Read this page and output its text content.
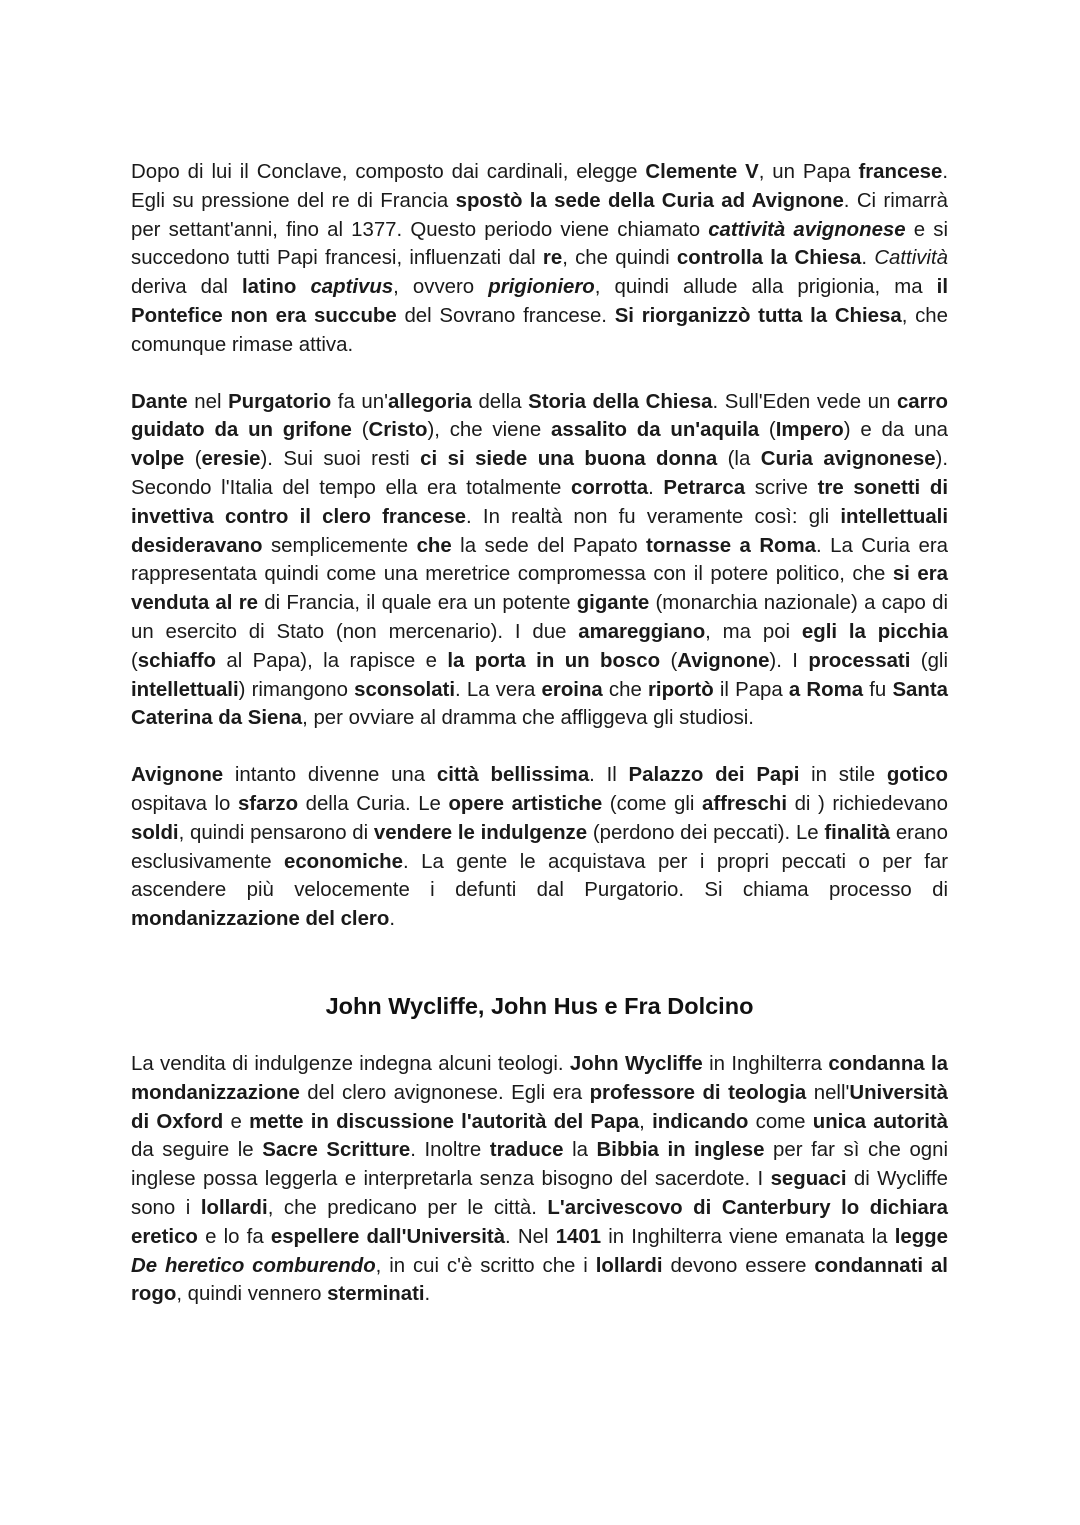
Dopo di lui il Conclave, composto dai cardinali, elegge Clemente V, un Papa francese. Egli su pressione del re di Francia spostò la sede della Curia ad Avignone. Ci rimarrà per settant'anni, fino al 1377. Questo periodo viene chiamato cattività avignonese e si succedono tutti Papi francesi, influenzati dal re, che quindi controlla la Chiesa. Cattività deriva dal latino captivus, ovvero prigioniero, quindi allude alla prigionia, ma il Pontefice non era succube del Sovrano francese. Si riorganizzò tutta la Chiesa, che comunque rimase attiva.

Dante nel Purgatorio fa un'allegoria della Storia della Chiesa. Sull'Eden vede un carro guidato da un grifone (Cristo), che viene assalito da un'aquila (Impero) e da una volpe (eresie). Sui suoi resti ci si siede una buona donna (la Curia avignonese). Secondo l'Italia del tempo ella era totalmente corrotta. Petrarca scrive tre sonetti di invettiva contro il clero francese. In realtà non fu veramente così: gli intellettuali desideravano semplicemente che la sede del Papato tornasse a Roma. La Curia era rappresentata quindi come una meretrice compromessa con il potere politico, che si era venduta al re di Francia, il quale era un potente gigante (monarchia nazionale) a capo di un esercito di Stato (non mercenario). I due amareggiano, ma poi egli la picchia (schiaffo al Papa), la rapisce e la porta in un bosco (Avignone). I processati (gli intellettuali) rimangono sconsolati. La vera eroina che riportò il Papa a Roma fu Santa Caterina da Siena, per ovviare al dramma che affliggeva gli studiosi.

Avignone intanto divenne una città bellissima. Il Palazzo dei Papi in stile gotico ospitava lo sfarzo della Curia. Le opere artistiche (come gli affreschi di ) richiedevano soldi, quindi pensarono di vendere le indulgenze (perdono dei peccati). Le finalità erano esclusivamente economiche. La gente le acquistava per i propri peccati o per far ascendere più velocemente i defunti dal Purgatorio. Si chiama processo di mondanizzazione del clero.

John Wycliffe, John Hus e Fra Dolcino

La vendita di indulgenze indegna alcuni teologi. John Wycliffe in Inghilterra condanna la mondanizzazione del clero avignonese. Egli era professore di teologia nell'Università di Oxford e mette in discussione l'autorità del Papa, indicando come unica autorità da seguire le Sacre Scritture. Inoltre traduce la Bibbia in inglese per far sì che ogni inglese possa leggerla e interpretarla senza bisogno del sacerdote. I seguaci di Wycliffe sono i lollardi, che predicano per le città. L'arcivescovo di Canterbury lo dichiara eretico e lo fa espellere dall'Università. Nel 1401 in Inghilterra viene emanata la legge De heretico comburendo, in cui c'è scritto che i lollardi devono essere condannati al rogo, quindi vennero sterminati.
